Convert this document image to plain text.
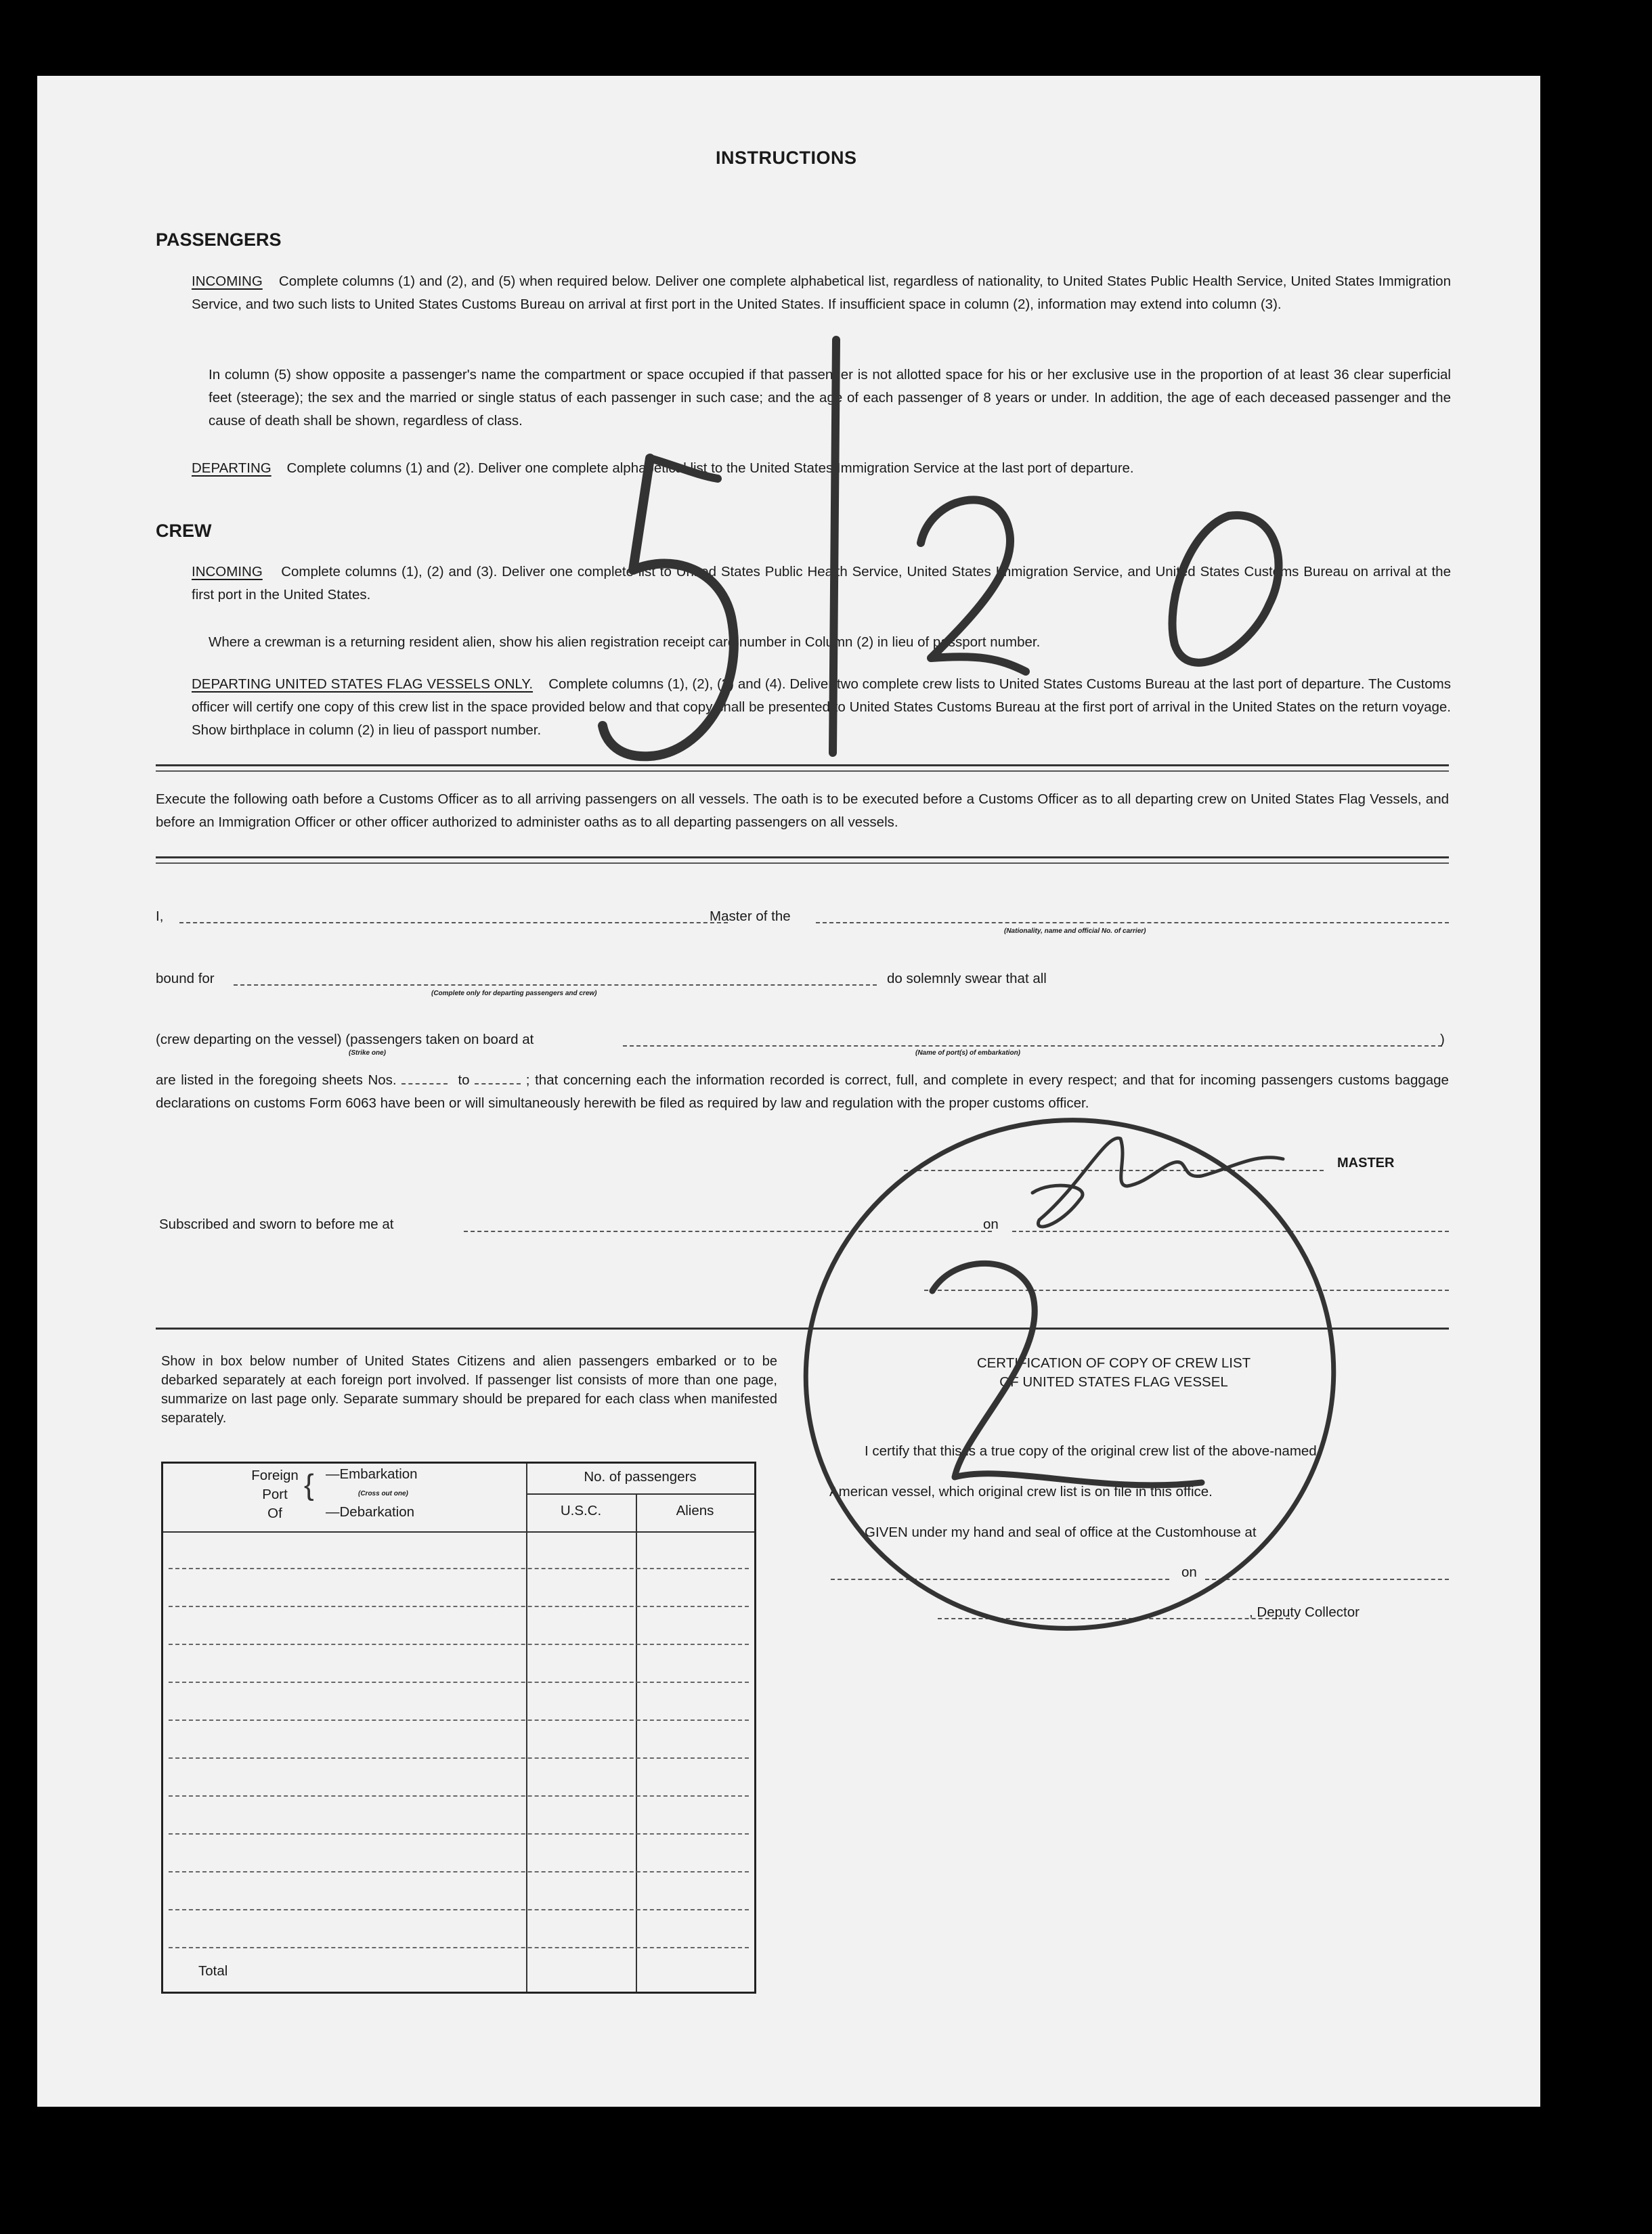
INSTRUCTIONS
PASSENGERS
INCOMING Complete columns (1) and (2), and (5) when required below. Deliver one complete alphabetical list, regardless of nationality, to United States Public Health Service, United States Immigration Service, and two such lists to United States Customs Bureau on arrival at first port in the United States. If insufficient space in column (2), information may extend into column (3).
In column (5) show opposite a passenger's name the compartment or space occupied if that passenger is not allotted space for his or her exclusive use in the proportion of at least 36 clear superficial feet (steerage); the sex and the married or single status of each passenger in such case; and the age of each passenger of 8 years or under. In addition, the age of each deceased passenger and the cause of death shall be shown, regardless of class.
DEPARTING Complete columns (1) and (2). Deliver one complete alphabetical list to the United States Immigration Service at the last port of departure.
CREW
INCOMING Complete columns (1), (2) and (3). Deliver one complete list to United States Public Health Service, United States Immigration Service, and United States Customs Bureau on arrival at the first port in the United States.
Where a crewman is a returning resident alien, show his alien registration receipt card number in Column (2) in lieu of passport number.
DEPARTING UNITED STATES FLAG VESSELS ONLY. Complete columns (1), (2), (3) and (4). Deliver two complete crew lists to United States Customs Bureau at the last port of departure. The Customs officer will certify one copy of this crew list in the space provided below and that copy shall be presented to United States Customs Bureau at the first port of arrival in the United States on the return voyage. Show birthplace in column (2) in lieu of passport number.
Execute the following oath before a Customs Officer as to all arriving passengers on all vessels. The oath is to be executed before a Customs Officer as to all departing crew on United States Flag Vessels, and before an Immigration Officer or other officer authorized to administer oaths as to all departing passengers on all vessels.
I,	Master of the
(Nationality, name and official No. of carrier)
bound for
(Complete only for departing passengers and crew)
do solemnly swear that all
(crew departing on the vessel) (passengers taken on board at	)
(Strike one)	(Name of port(s) of embarkation)
are listed in the foregoing sheets Nos.	to	; that concerning each the information recorded is correct, full, and complete in every respect; and that for incoming passengers customs baggage declarations on customs Form 6063 have been or will simultaneously herewith be filed as required by law and regulation with the proper customs officer.
MASTER
Subscribed and sworn to before me at	on
Show in box below number of United States Citizens and alien passengers embarked or to be debarked separately at each foreign port involved. If passenger list consists of more than one page, summarize on last page only. Separate summary should be prepared for each class when manifested separately.
Foreign
Port
Of
{ —Embarkation
(Cross out one)
—Debarkation
No. of passengers
U.S.C.	Aliens
Total
CERTIFICATION OF COPY OF CREW LIST
OF UNITED STATES FLAG VESSEL
I certify that this is a true copy of the original crew list of the above-named
American vessel, which original crew list is on file in this office.
GIVEN under my hand and seal of office at the Customhouse at
on
, Deputy Collector
